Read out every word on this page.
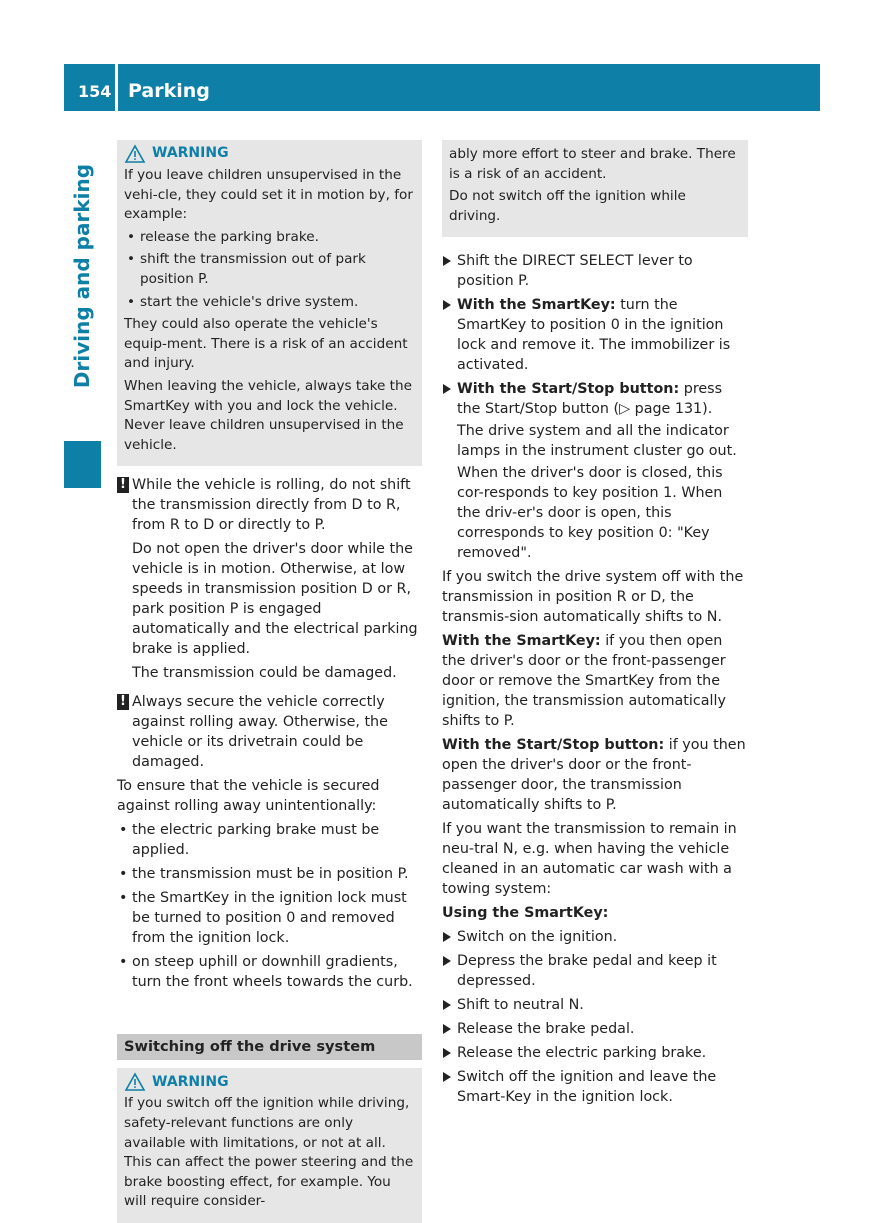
154 Parking
Driving and parking
WARNING

If you leave children unsupervised in the vehi-cle, they could set it in motion by, for example:

• release the parking brake.
• shift the transmission out of park position P.
• start the vehicle's drive system.

They could also operate the vehicle's equip-ment. There is a risk of an accident and injury.

When leaving the vehicle, always take the SmartKey with you and lock the vehicle. Never leave children unsupervised in the vehicle.

! While the vehicle is rolling, do not shift the transmission directly from D to R, from R to D or directly to P.

Do not open the driver's door while the vehicle is in motion. Otherwise, at low speeds in transmission position D or R, park position P is engaged automatically and the electrical parking brake is applied.

The transmission could be damaged.

! Always secure the vehicle correctly against rolling away. Otherwise, the vehicle or its drivetrain could be damaged.

To ensure that the vehicle is secured against rolling away unintentionally:

• the electric parking brake must be applied.
• the transmission must be in position P.
• the SmartKey in the ignition lock must be turned to position 0 and removed from the ignition lock.
• on steep uphill or downhill gradients, turn the front wheels towards the curb.
Switching off the drive system
WARNING

If you switch off the ignition while driving, safety-relevant functions are only available with limitations, or not at all. This can affect the power steering and the brake boosting effect, for example. You will require consider-

ably more effort to steer and brake. There is a risk of an accident.

Do not switch off the ignition while driving.

Shift the DIRECT SELECT lever to position P.
With the SmartKey: turn the SmartKey to position 0 in the ignition lock and remove it. The immobilizer is activated.
With the Start/Stop button: press the Start/Stop button (▷ page 131).
The drive system and all the indicator lamps in the instrument cluster go out.
When the driver's door is closed, this cor-responds to key position 1. When the driv-er's door is open, this corresponds to key position 0: "Key removed".

If you switch the drive system off with the transmission in position R or D, the transmis-sion automatically shifts to N.

With the SmartKey: if you then open the driver's door or the front-passenger door or remove the SmartKey from the ignition, the transmission automatically shifts to P.

With the Start/Stop button: if you then open the driver's door or the front-passenger door, the transmission automatically shifts to P.

If you want the transmission to remain in neu-tral N, e.g. when having the vehicle cleaned in an automatic car wash with a towing system:

Using the SmartKey:

Switch on the ignition.
Depress the brake pedal and keep it depressed.
Shift to neutral N.
Release the brake pedal.
Release the electric parking brake.
Switch off the ignition and leave the Smart-Key in the ignition lock.
